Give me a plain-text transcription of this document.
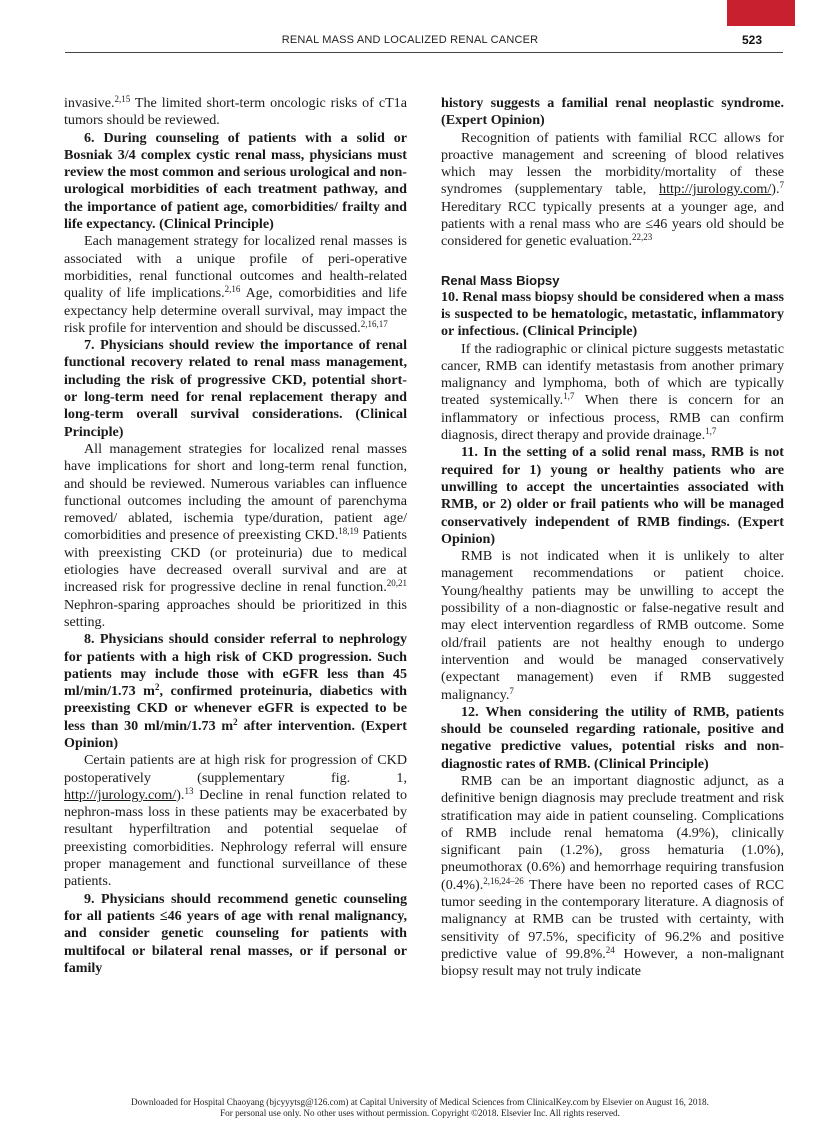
RENAL MASS AND LOCALIZED RENAL CANCER	523

invasive.$^{2,15}$ The limited short-term oncologic risks of cT1a tumors should be reviewed.

6. During counseling of patients with a solid or Bosniak 3/4 complex cystic renal mass, physicians must review the most common and serious urological and non-urological morbidities of each treatment pathway, and the importance of patient age, comorbidities/ frailty and life expectancy. (Clinical Principle)

Each management strategy for localized renal masses is associated with a unique profile of peri-operative morbidities, renal functional outcomes and health-related quality of life implications.$^{2,16}$ Age, comorbidities and life expectancy help determine overall survival, may impact the risk profile for intervention and should be discussed.$^{2,16,17}$

7. Physicians should review the importance of renal functional recovery related to renal mass management, including the risk of progressive CKD, potential short- or long-term need for renal replacement therapy and long-term overall survival considerations. (Clinical Principle)

All management strategies for localized renal masses have implications for short and long-term renal function, and should be reviewed. Numerous variables can influence functional outcomes including the amount of parenchyma removed/ ablated, ischemia type/duration, patient age/ comorbidities and presence of preexisting CKD.$^{18,19}$ Patients with preexisting CKD (or proteinuria) due to medical etiologies have decreased overall survival and are at increased risk for progressive decline in renal function.$^{20,21}$ Nephron-sparing approaches should be prioritized in this setting.

8. Physicians should consider referral to nephrology for patients with a high risk of CKD progression. Such patients may include those with eGFR less than 45 ml/min/1.73 $m^2$, confirmed proteinuria, diabetics with preexisting CKD or whenever eGFR is expected to be less than 30 ml/min/1.73 $m^2$ after intervention. (Expert Opinion)

Certain patients are at high risk for progression of CKD postoperatively (supplementary fig. 1, http://jurology.com/).$^{13}$ Decline in renal function related to nephron-mass loss in these patients may be exacerbated by resultant hyperfiltration and potential sequelae of preexisting comorbidities. Nephrology referral will ensure proper management and functional surveillance of these patients.

9. Physicians should recommend genetic counseling for all patients ≤46 years of age with renal malignancy, and consider genetic counseling for patients with multifocal or bilateral renal masses, or if personal or family

history suggests a familial renal neoplastic syndrome. (Expert Opinion)

Recognition of patients with familial RCC allows for proactive management and screening of blood relatives which may lessen the morbidity/mortality of these syndromes (supplementary table, http://jurology.com/).$^7$ Hereditary RCC typically presents at a younger age, and patients with a renal mass who are ≤46 years old should be considered for genetic evaluation.$^{22,23}$

Renal Mass Biopsy

10. Renal mass biopsy should be considered when a mass is suspected to be hematologic, metastatic, inflammatory or infectious. (Clinical Principle)

If the radiographic or clinical picture suggests metastatic cancer, RMB can identify metastasis from another primary malignancy and lymphoma, both of which are typically treated systemically.$^{1,7}$ When there is concern for an inflammatory or infectious process, RMB can confirm diagnosis, direct therapy and provide drainage.$^{1,7}$

11. In the setting of a solid renal mass, RMB is not required for 1) young or healthy patients who are unwilling to accept the uncertainties associated with RMB, or 2) older or frail patients who will be managed conservatively independent of RMB findings. (Expert Opinion)

RMB is not indicated when it is unlikely to alter management recommendations or patient choice. Young/healthy patients may be unwilling to accept the possibility of a non-diagnostic or false-negative result and may elect intervention regardless of RMB outcome. Some old/frail patients are not healthy enough to undergo intervention and would be managed conservatively (expectant management) even if RMB suggested malignancy.$^7$

12. When considering the utility of RMB, patients should be counseled regarding rationale, positive and negative predictive values, potential risks and non-diagnostic rates of RMB. (Clinical Principle)

RMB can be an important diagnostic adjunct, as a definitive benign diagnosis may preclude treatment and risk stratification may aide in patient counseling. Complications of RMB include renal hematoma (4.9%), clinically significant pain (1.2%), gross hematuria (1.0%), pneumothorax (0.6%) and hemorrhage requiring transfusion (0.4%).$^{2,16,24-26}$ There have been no reported cases of RCC tumor seeding in the contemporary literature. A diagnosis of malignancy at RMB can be trusted with certainty, with sensitivity of 97.5%, specificity of 96.2% and positive predictive value of 99.8%.$^{24}$ However, a non-malignant biopsy result may not truly indicate

Downloaded for Hospital Chaoyang (bjcyyytsg@126.com) at Capital University of Medical Sciences from ClinicalKey.com by Elsevier on August 16, 2018.
For personal use only. No other uses without permission. Copyright ©2018. Elsevier Inc. All rights reserved.
